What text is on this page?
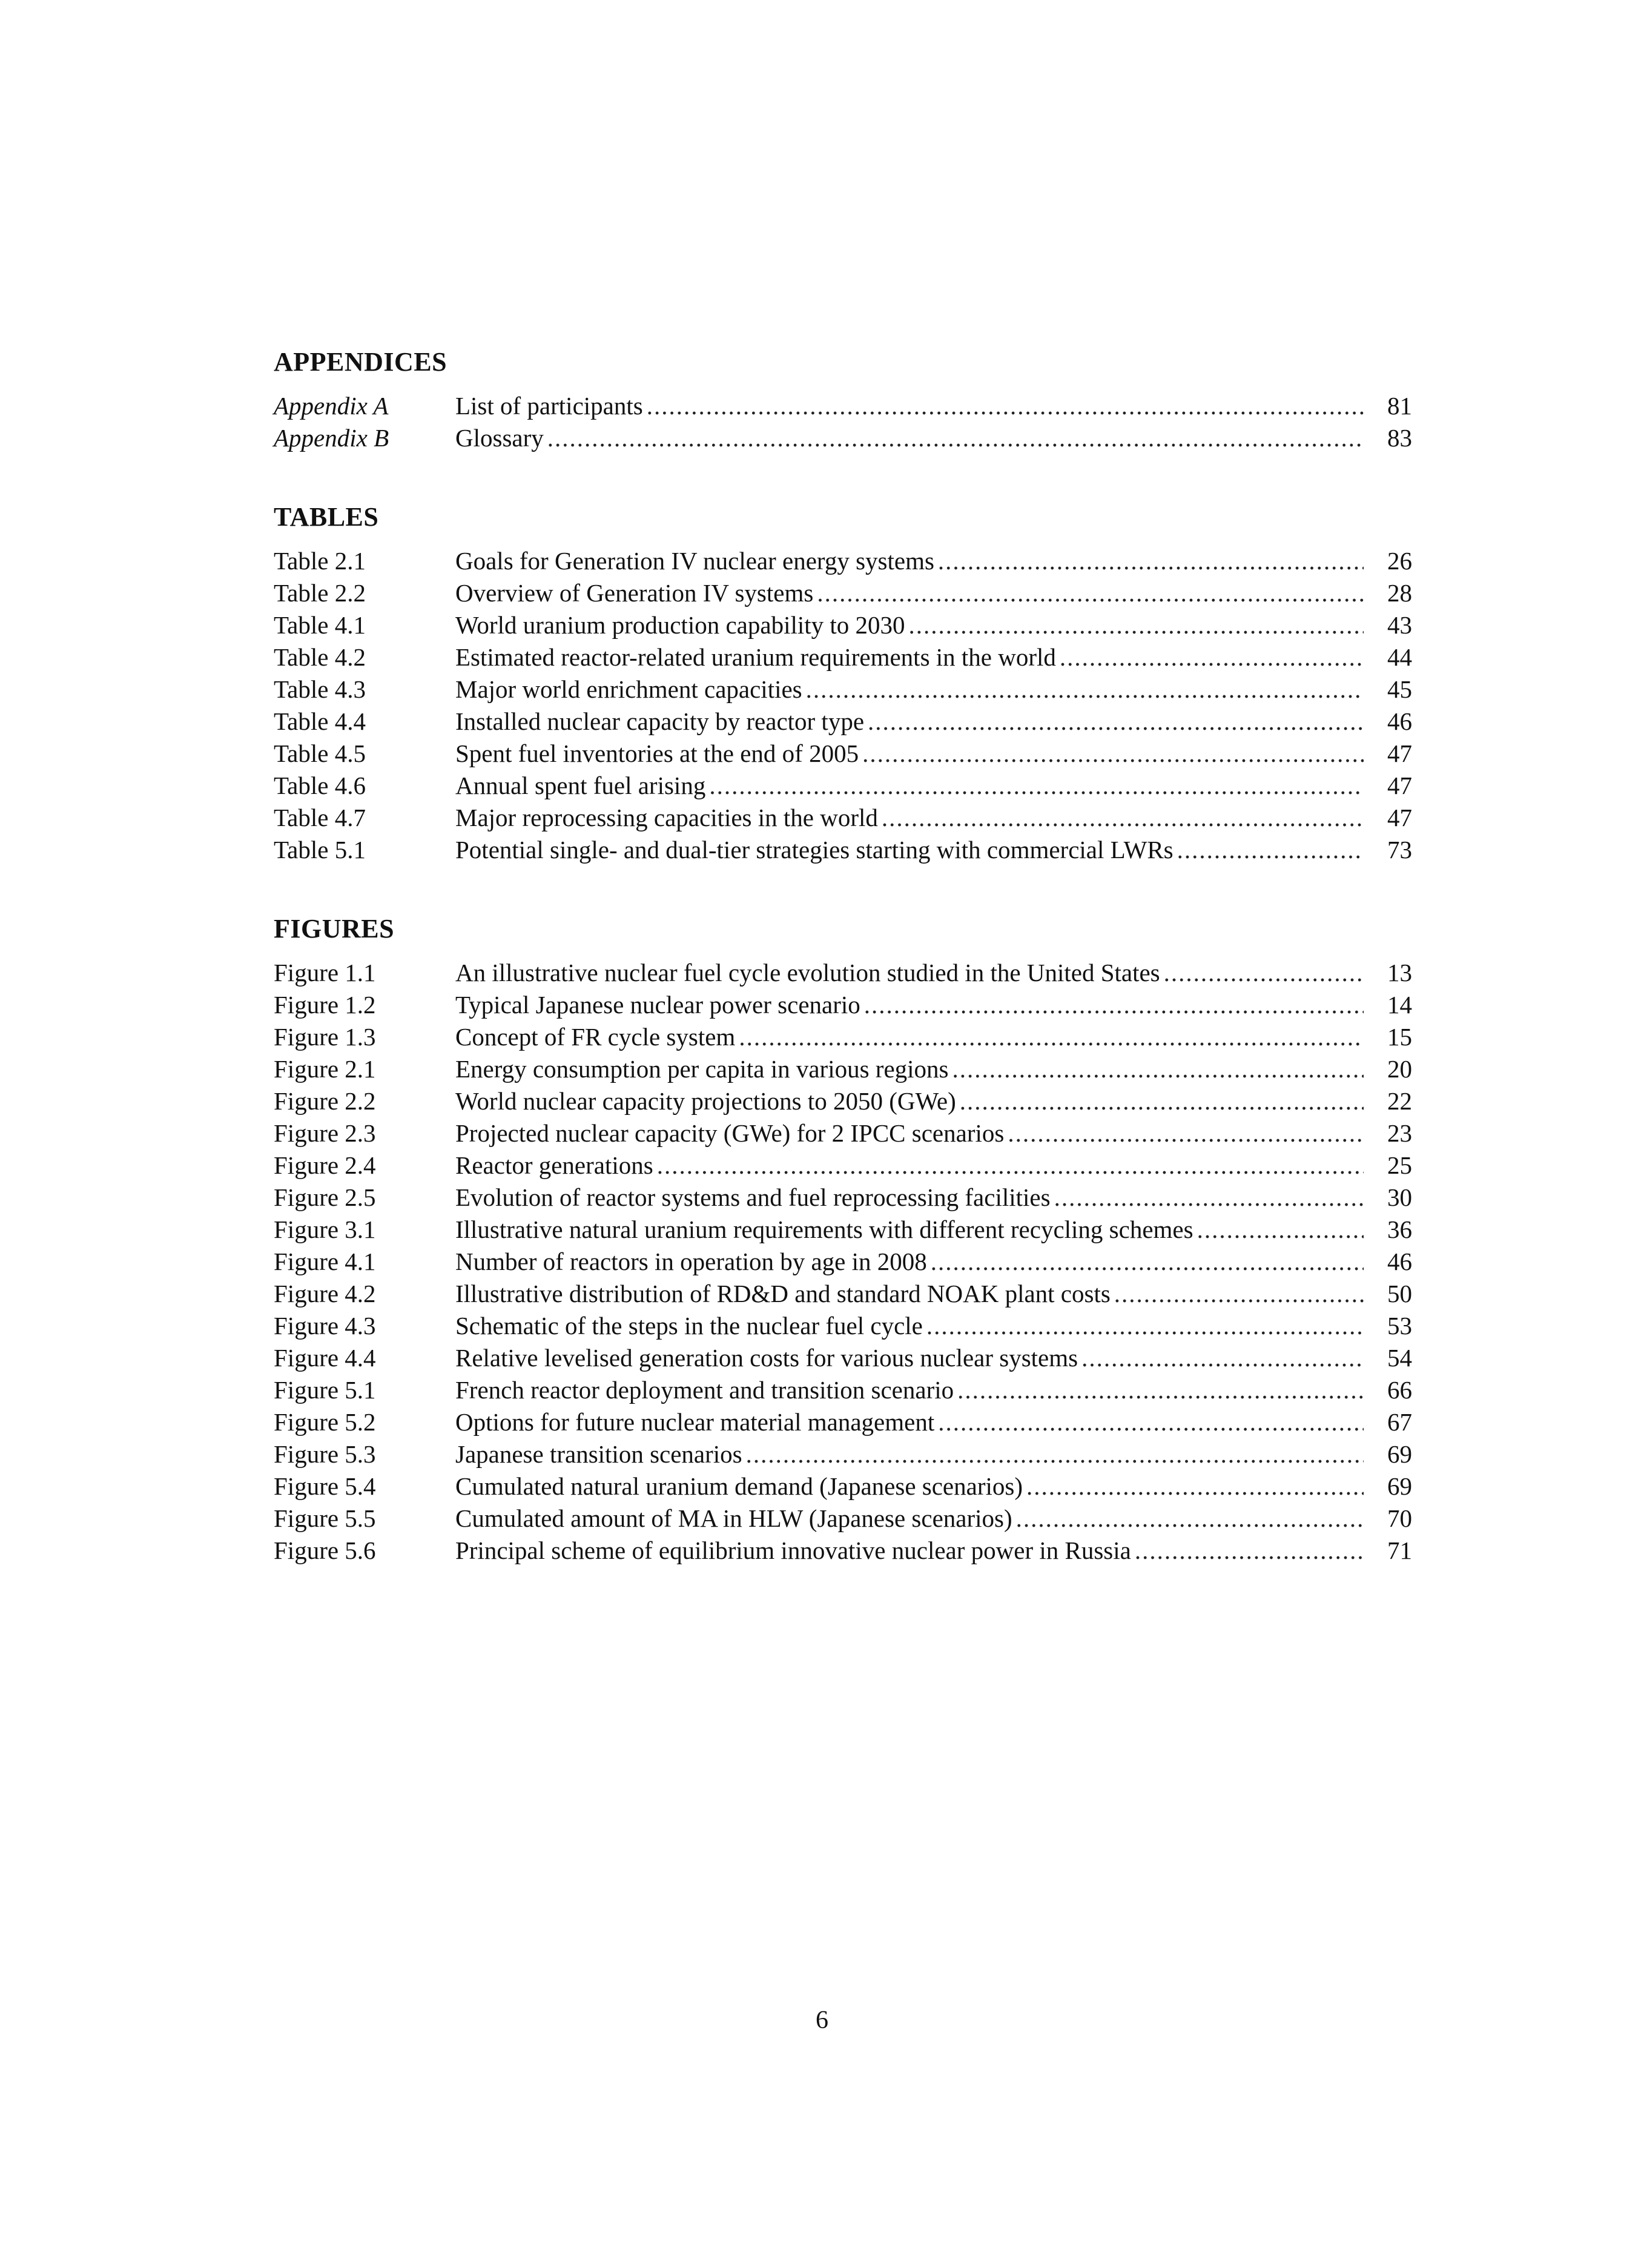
APPENDICES
Appendix A	List of participants .....	81
Appendix B	Glossary .....	83
TABLES
Table 2.1	Goals for Generation IV nuclear energy systems .....	26
Table 2.2	Overview of Generation IV systems .....	28
Table 4.1	World uranium production capability to 2030 .....	43
Table 4.2	Estimated reactor-related uranium requirements in the world .....	44
Table 4.3	Major world enrichment capacities .....	45
Table 4.4	Installed nuclear capacity by reactor type .....	46
Table 4.5	Spent fuel inventories at the end of 2005 .....	47
Table 4.6	Annual spent fuel arising .....	47
Table 4.7	Major reprocessing capacities in the world .....	47
Table 5.1	Potential single- and dual-tier strategies starting with commercial LWRs .....	73
FIGURES
Figure 1.1	An illustrative nuclear fuel cycle evolution studied in the United States .....	13
Figure 1.2	Typical Japanese nuclear power scenario .....	14
Figure 1.3	Concept of FR cycle system .....	15
Figure 2.1	Energy consumption per capita in various regions .....	20
Figure 2.2	World nuclear capacity projections to 2050 (GWe) .....	22
Figure 2.3	Projected nuclear capacity (GWe) for 2 IPCC scenarios .....	23
Figure 2.4	Reactor generations .....	25
Figure 2.5	Evolution of reactor systems and fuel reprocessing facilities .....	30
Figure 3.1	Illustrative natural uranium requirements with different recycling schemes .....	36
Figure 4.1	Number of reactors in operation by age in 2008 .....	46
Figure 4.2	Illustrative distribution of RD&D and standard NOAK plant costs .....	50
Figure 4.3	Schematic of the steps in the nuclear fuel cycle .....	53
Figure 4.4	Relative levelised generation costs for various nuclear systems .....	54
Figure 5.1	French reactor deployment and transition scenario .....	66
Figure 5.2	Options for future nuclear material management .....	67
Figure 5.3	Japanese transition scenarios .....	69
Figure 5.4	Cumulated natural uranium demand (Japanese scenarios) .....	69
Figure 5.5	Cumulated amount of MA in HLW (Japanese scenarios) .....	70
Figure 5.6	Principal scheme of equilibrium innovative nuclear power in Russia .....	71
6
